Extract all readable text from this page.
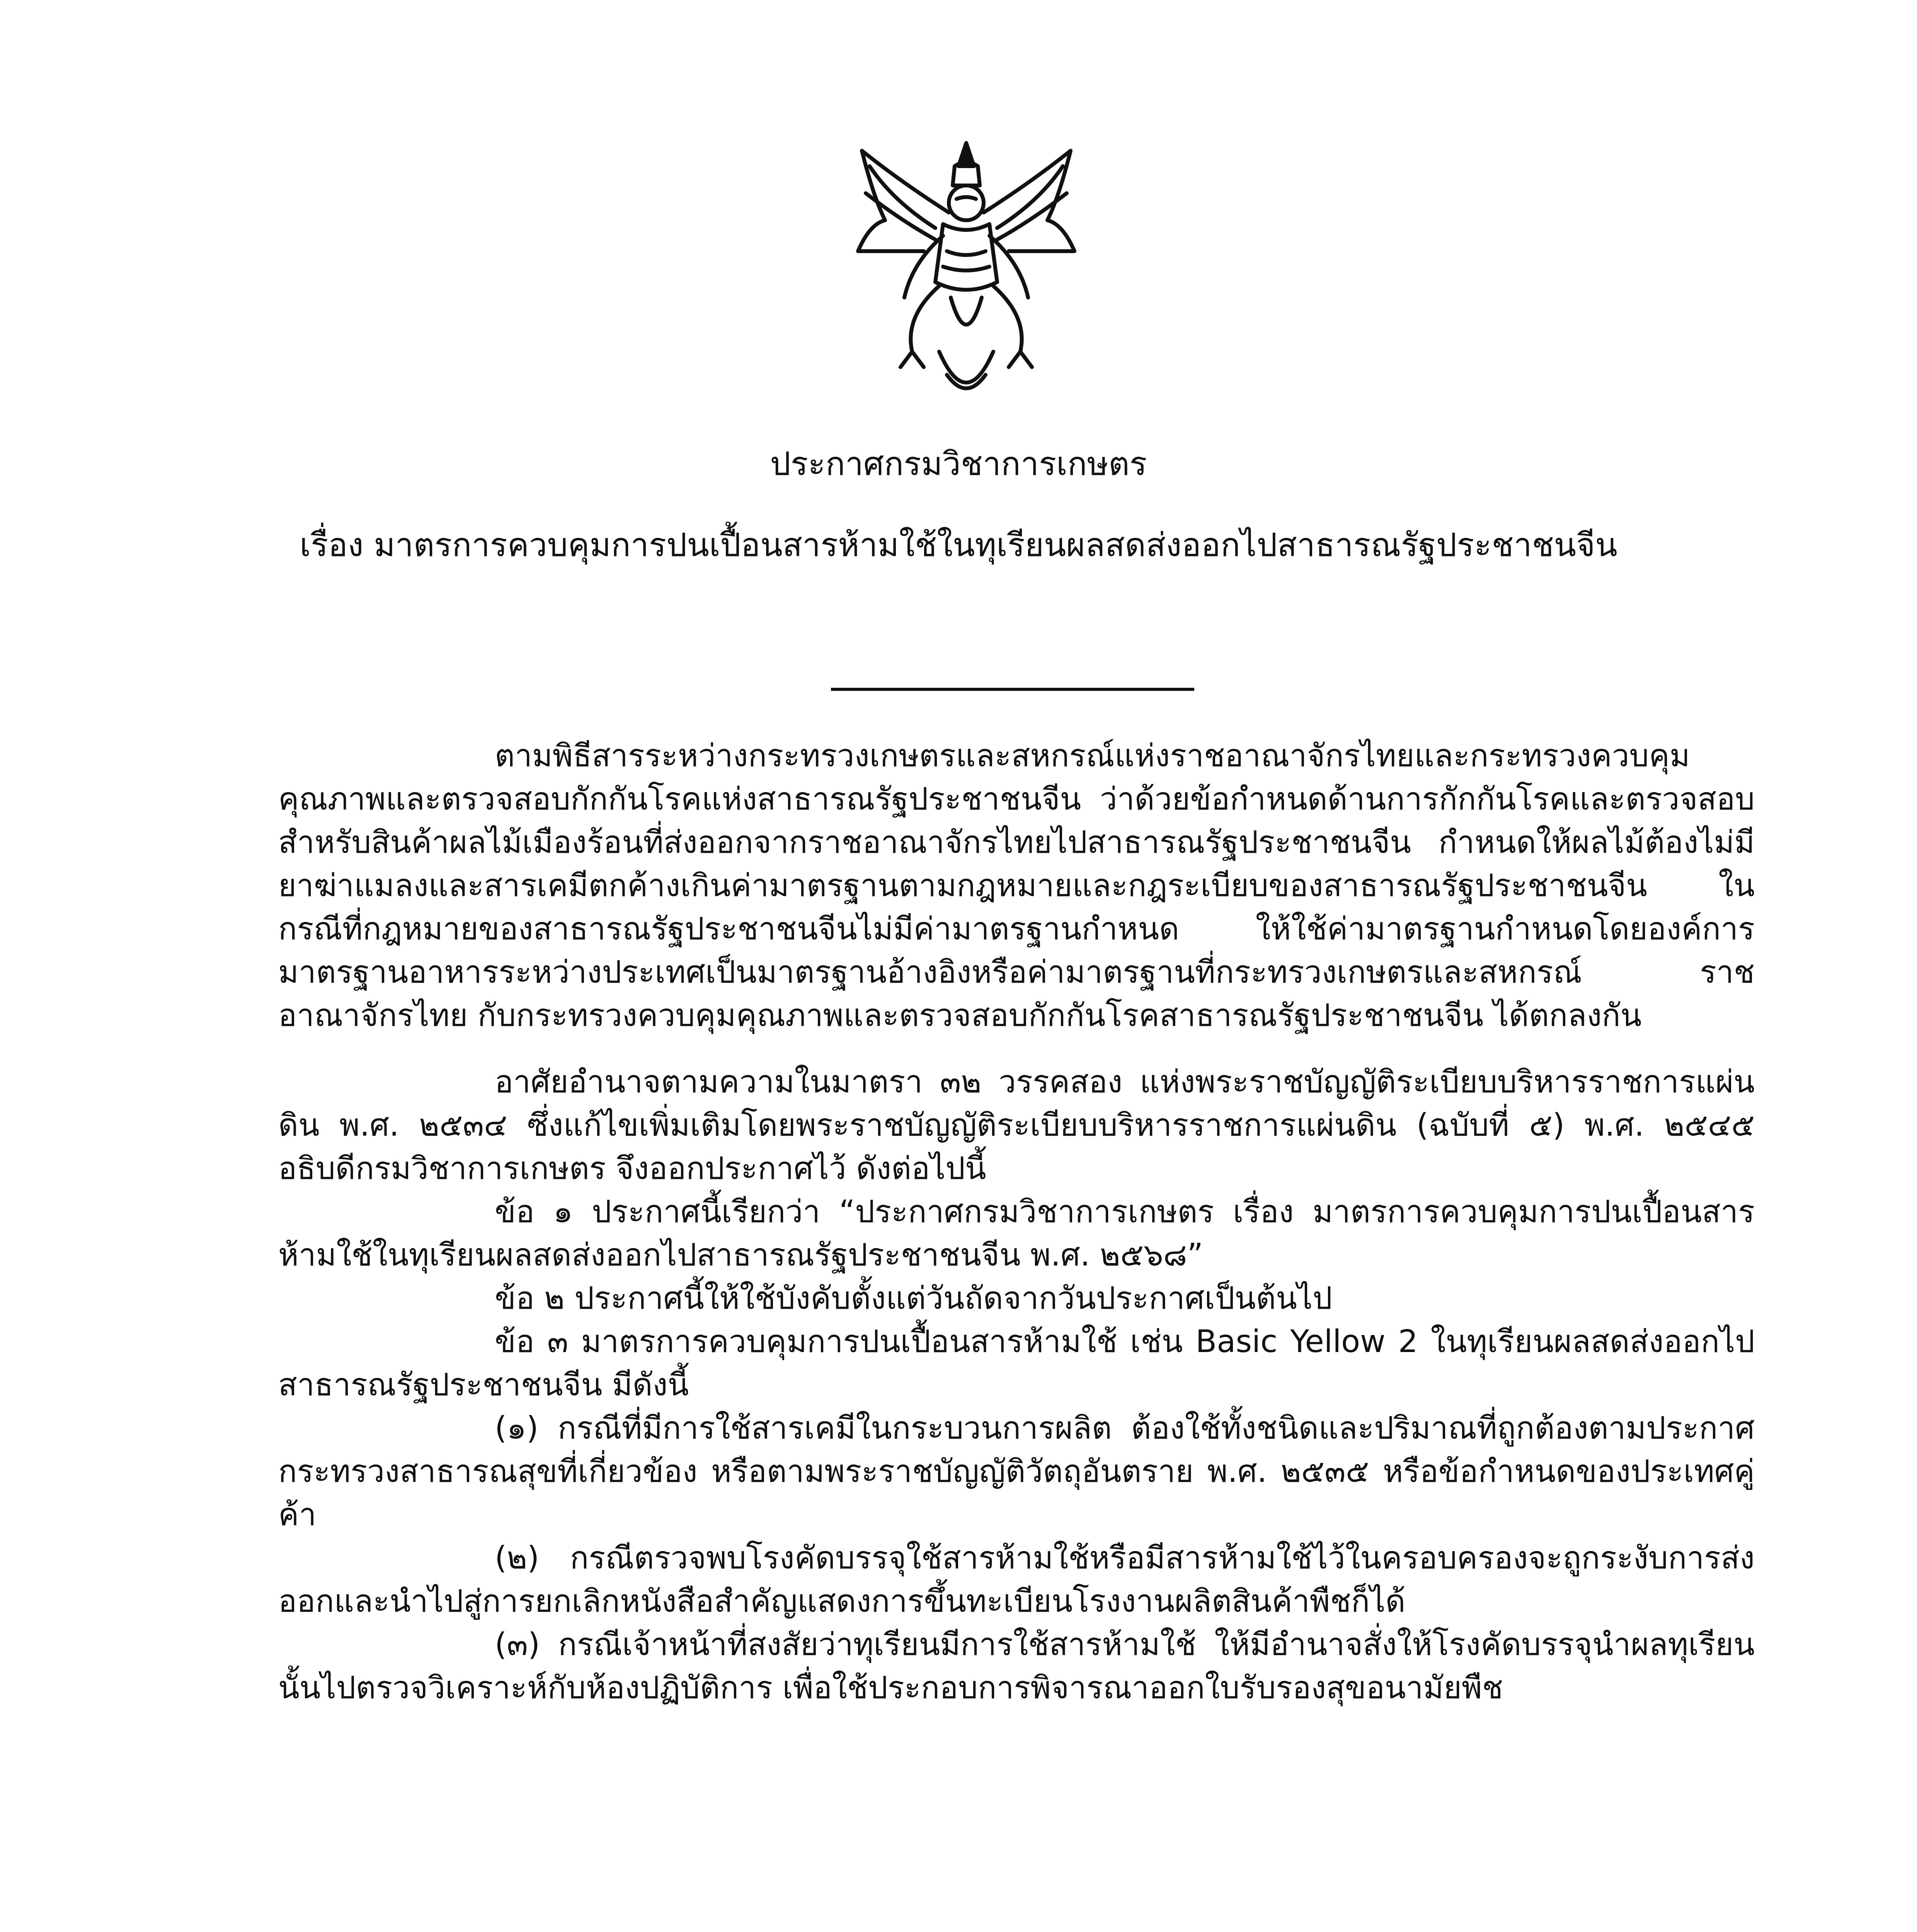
ประกาศกรมวิชาการเกษตร
เรื่อง มาตรการควบคุมการปนเปื้อนสารห้ามใช้ในทุเรียนผลสดส่งออกไปสาธารณรัฐประชาชนจีน

ตามพิธีสารระหว่างกระทรวงเกษตรและสหกรณ์แห่งราชอาณาจักรไทยและกระทรวงควบคุมคุณภาพและตรวจสอบกักกันโรคแห่งสาธารณรัฐประชาชนจีน ว่าด้วยข้อกำหนดด้านการกักกันโรคและตรวจสอบสำหรับสินค้าผลไม้เมืองร้อนที่ส่งออกจากราชอาณาจักรไทยไปสาธารณรัฐประชาชนจีน กำหนดให้ผลไม้ต้องไม่มียาฆ่าแมลงและสารเคมีตกค้างเกินค่ามาตรฐานตามกฎหมายและกฎระเบียบของสาธารณรัฐประชาชนจีน ในกรณีที่กฎหมายของสาธารณรัฐประชาชนจีนไม่มีค่ามาตรฐานกำหนด ให้ใช้ค่ามาตรฐานกำหนดโดยองค์การมาตรฐานอาหารระหว่างประเทศเป็นมาตรฐานอ้างอิงหรือค่ามาตรฐานที่กระทรวงเกษตรและสหกรณ์ ราชอาณาจักรไทย กับกระทรวงควบคุมคุณภาพและตรวจสอบกักกันโรคสาธารณรัฐประชาชนจีน ได้ตกลงกัน

อาศัยอำนาจตามความในมาตรา ๓๒ วรรคสอง แห่งพระราชบัญญัติระเบียบบริหารราชการแผ่นดิน พ.ศ. ๒๕๓๔ ซึ่งแก้ไขเพิ่มเติมโดยพระราชบัญญัติระเบียบบริหารราชการแผ่นดิน (ฉบับที่ ๕) พ.ศ. ๒๕๔๕ อธิบดีกรมวิชาการเกษตร จึงออกประกาศไว้ ดังต่อไปนี้

ข้อ ๑ ประกาศนี้เรียกว่า “ประกาศกรมวิชาการเกษตร เรื่อง มาตรการควบคุมการปนเปื้อนสารห้ามใช้ในทุเรียนผลสดส่งออกไปสาธารณรัฐประชาชนจีน พ.ศ. ๒๕๖๘”

ข้อ ๒ ประกาศนี้ให้ใช้บังคับตั้งแต่วันถัดจากวันประกาศเป็นต้นไป

ข้อ ๓ มาตรการควบคุมการปนเปื้อนสารห้ามใช้ เช่น Basic Yellow 2 ในทุเรียนผลสดส่งออกไปสาธารณรัฐประชาชนจีน มีดังนี้

(๑) กรณีที่มีการใช้สารเคมีในกระบวนการผลิต ต้องใช้ทั้งชนิดและปริมาณที่ถูกต้องตามประกาศกระทรวงสาธารณสุขที่เกี่ยวข้อง หรือตามพระราชบัญญัติวัตถุอันตราย พ.ศ. ๒๕๓๕ หรือข้อกำหนดของประเทศคู่ค้า

(๒) กรณีตรวจพบโรงคัดบรรจุใช้สารห้ามใช้หรือมีสารห้ามใช้ไว้ในครอบครองจะถูกระงับการส่งออกและนำไปสู่การยกเลิกหนังสือสำคัญแสดงการขึ้นทะเบียนโรงงานผลิตสินค้าพืชก็ได้

(๓) กรณีเจ้าหน้าที่สงสัยว่าทุเรียนมีการใช้สารห้ามใช้ ให้มีอำนาจสั่งให้โรงคัดบรรจุนำผลทุเรียนนั้นไปตรวจวิเคราะห์กับห้องปฏิบัติการ เพื่อใช้ประกอบการพิจารณาออกใบรับรองสุขอนามัยพืช
